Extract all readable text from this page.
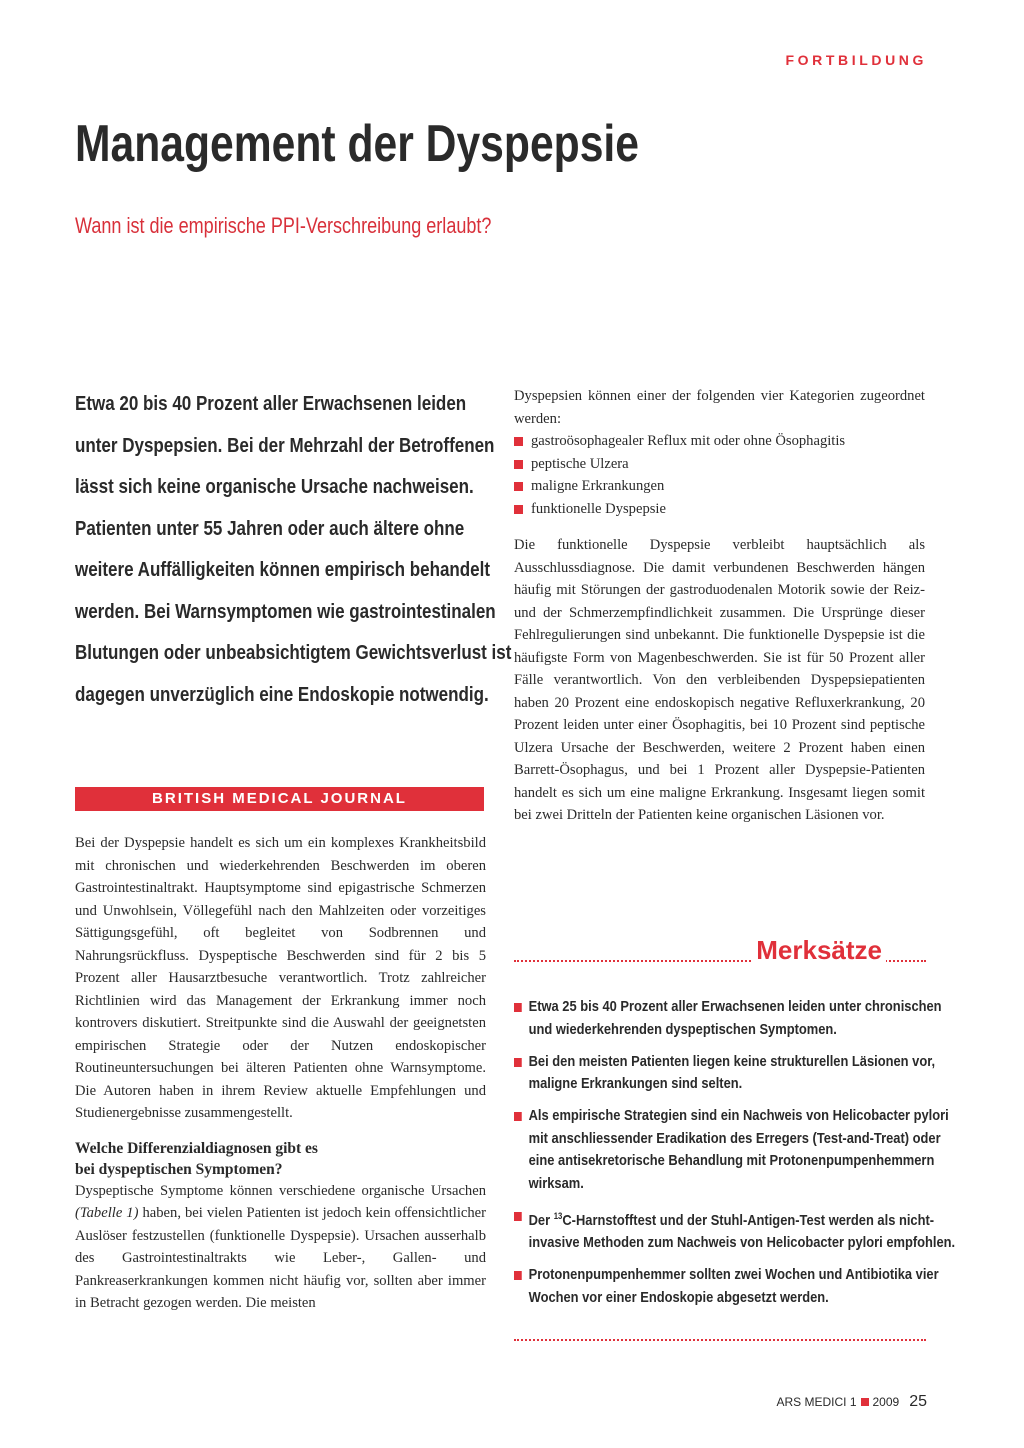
FORTBILDUNG
Management der Dyspepsie
Wann ist die empirische PPI-Verschreibung erlaubt?
Etwa 20 bis 40 Prozent aller Erwachsenen leiden
unter Dyspepsien. Bei der Mehrzahl der Betroffenen
lässt sich keine organische Ursache nachweisen.
Patienten unter 55 Jahren oder auch ältere ohne
weitere Auffälligkeiten können empirisch behandelt
werden. Bei Warnsymptomen wie gastrointestinalen
Blutungen oder unbeabsichtigtem Gewichtsverlust ist
dagegen unverzüglich eine Endoskopie notwendig.
BRITISH MEDICAL JOURNAL

Bei der Dyspepsie handelt es sich um ein komplexes Krankheitsbild mit chronischen und wiederkehrenden Beschwerden im oberen Gastrointestinaltrakt. Hauptsymptome sind epigastrische Schmerzen und Unwohlsein, Völlegefühl nach den Mahlzeiten oder vorzeitiges Sättigungsgefühl, oft begleitet von Sodbrennen und Nahrungsrückfluss. Dyspeptische Beschwerden sind für 2 bis 5 Prozent aller Hausarztbesuche verantwortlich. Trotz zahlreicher Richtlinien wird das Management der Erkrankung immer noch kontrovers diskutiert. Streitpunkte sind die Auswahl der geeignetsten empirischen Strategie oder der Nutzen endoskopischer Routineuntersuchungen bei älteren Patienten ohne Warnsymptome. Die Autoren haben in ihrem Review aktuelle Empfehlungen und Studienergebnisse zusammengestellt.

Welche Differenzialdiagnosen gibt es
bei dyspeptischen Symptomen?

Dyspeptische Symptome können verschiedene organische Ursachen (Tabelle 1) haben, bei vielen Patienten ist jedoch kein offensichtlicher Auslöser festzustellen (funktionelle Dyspepsie). Ursachen ausserhalb des Gastrointestinaltrakts wie Leber-, Gallen- und Pankreaserkrankungen kommen nicht häufig vor, sollten aber immer in Betracht gezogen werden. Die meisten

Dyspepsien können einer der folgenden vier Kategorien zugeordnet werden:

gastroösophagealer Reflux mit oder ohne Ösophagitis
peptische Ulzera
maligne Erkrankungen
funktionelle Dyspepsie

Die funktionelle Dyspepsie verbleibt hauptsächlich als Ausschlussdiagnose. Die damit verbundenen Beschwerden hängen häufig mit Störungen der gastroduodenalen Motorik sowie der Reiz- und der Schmerzempfindlichkeit zusammen. Die Ursprünge dieser Fehlregulierungen sind unbekannt. Die funktionelle Dyspepsie ist die häufigste Form von Magenbeschwerden. Sie ist für 50 Prozent aller Fälle verantwortlich. Von den verbleibenden Dyspepsiepatienten haben 20 Prozent eine endoskopisch negative Refluxerkrankung, 20 Prozent leiden unter einer Ösophagitis, bei 10 Prozent sind peptische Ulzera Ursache der Beschwerden, weitere 2 Prozent haben einen Barrett-Ösophagus, und bei 1 Prozent aller Dyspepsie-Patienten handelt es sich um eine maligne Erkrankung. Insgesamt liegen somit bei zwei Dritteln der Patienten keine organischen Läsionen vor.

Merksätze
Etwa 25 bis 40 Prozent aller Erwachsenen leiden unter chronischen
und wiederkehrenden dyspeptischen Symptomen.
Bei den meisten Patienten liegen keine strukturellen Läsionen vor,
maligne Erkrankungen sind selten.
Als empirische Strategien sind ein Nachweis von Helicobacter pylori
mit anschliessender Eradikation des Erregers (Test-and-Treat) oder
eine antisekretorische Behandlung mit Protonenpumpenhemmern
wirksam.
Der $^{13}$C-Harnstofftest und der Stuhl-Antigen-Test werden als nicht-
invasive Methoden zum Nachweis von Helicobacter pylori empfohlen.
Protonenpumpenhemmer sollten zwei Wochen und Antibiotika vier
Wochen vor einer Endoskopie abgesetzt werden.
ARS MEDICI 1 2009 25
